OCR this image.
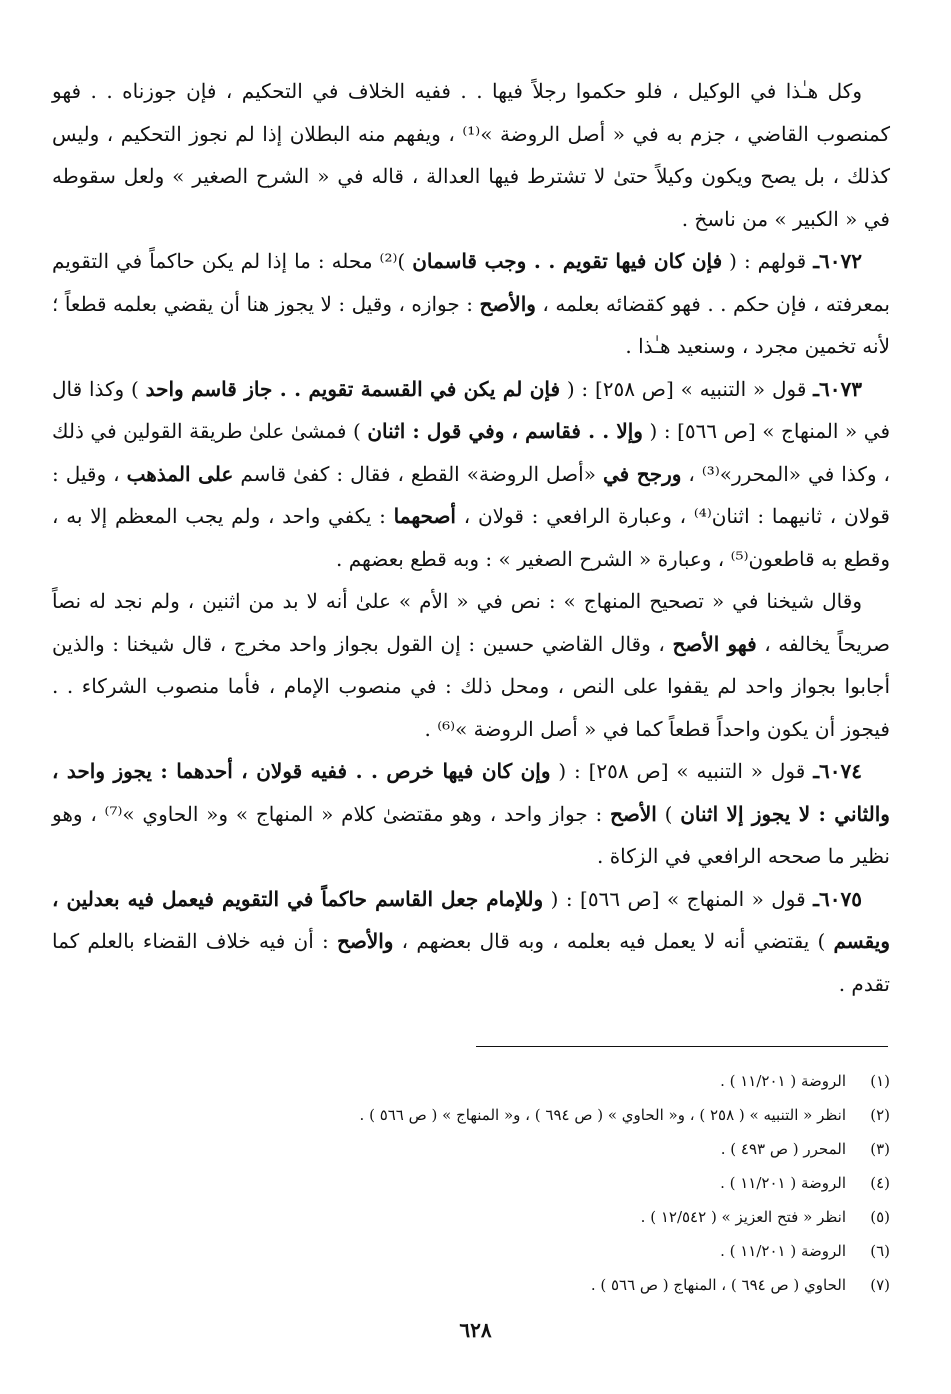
وكل هـٰذا في الوكيل ، فلو حكموا رجلاً فيها . . ففيه الخلاف في التحكيم ، فإن جوزناه . . فهو كمنصوب القاضي ، جزم به في « أصل الروضة »⁽¹⁾ ، ويفهم منه البطلان إذا لم نجوز التحكيم ، وليس كذلك ، بل يصح ويكون وكيلاً حتىٰ لا تشترط فيها العدالة ، قاله في « الشرح الصغير » ولعل سقوطه في « الكبير » من ناسخ .

٦٠٧٢ـ قولهم : ( فإن كان فيها تقويم . . وجب قاسمان )⁽²⁾ محله : ما إذا لم يكن حاكماً في التقويم بمعرفته ، فإن حكم . . فهو كقضائه بعلمه ، والأصح : جوازه ، وقيل : لا يجوز هنا أن يقضي بعلمه قطعاً ؛ لأنه تخمين مجرد ، وسنعيد هـٰذا .

٦٠٧٣ـ قول « التنبيه » [ص ٢٥٨] : ( فإن لم يكن في القسمة تقويم . . جاز قاسم واحد ) وكذا قال في « المنهاج » [ص ٥٦٦] : ( وإلا . . فقاسم ، وفي قول : اثنان ) فمشىٰ علىٰ طريقة القولين في ذلك ، وكذا في «المحرر»⁽³⁾ ، ورجح في «أصل الروضة» القطع ، فقال : كفىٰ قاسم على المذهب ، وقيل : قولان ، ثانيهما : اثنان⁽⁴⁾ ، وعبارة الرافعي : قولان ، أصحهما : يكفي واحد ، ولم يجب المعظم إلا به ، وقطع به قاطعون⁽⁵⁾ ، وعبارة « الشرح الصغير » : وبه قطع بعضهم .

وقال شيخنا في « تصحيح المنهاج » : نص في « الأم » علىٰ أنه لا بد من اثنين ، ولم نجد له نصاً صريحاً يخالفه ، فهو الأصح ، وقال القاضي حسين : إن القول بجواز واحد مخرج ، قال شيخنا : والذين أجابوا بجواز واحد لم يقفوا على النص ، ومحل ذلك : في منصوب الإمام ، فأما منصوب الشركاء . . فيجوز أن يكون واحداً قطعاً كما في « أصل الروضة »⁽⁶⁾ .

٦٠٧٤ـ قول « التنبيه » [ص ٢٥٨] : ( وإن كان فيها خرص . . ففيه قولان ، أحدهما : يجوز واحد ، والثاني : لا يجوز إلا اثنان ) الأصح : جواز واحد ، وهو مقتضىٰ كلام « المنهاج » و« الحاوي »⁽⁷⁾ ، وهو نظير ما صححه الرافعي في الزكاة .

٦٠٧٥ـ قول « المنهاج » [ص ٥٦٦] : ( وللإمام جعل القاسم حاكماً في التقويم فيعمل فيه بعدلين ، ويقسم ) يقتضي أنه لا يعمل فيه بعلمه ، وبه قال بعضهم ، والأصح : أن فيه خلاف القضاء بالعلم كما تقدم .

(١)
الروضة ( ١١/٢٠١ ) .
(٢)
انظر « التنبيه » ( ٢٥٨ ) ، و« الحاوي » ( ص ٦٩٤ ) ، و« المنهاج » ( ص ٥٦٦ ) .
(٣)
المحرر ( ص ٤٩٣ ) .
(٤)
الروضة ( ١١/٢٠١ ) .
(٥)
انظر « فتح العزيز » ( ١٢/٥٤٢ ) .
(٦)
الروضة ( ١١/٢٠١ ) .
(٧)
الحاوي ( ص ٦٩٤ ) ، المنهاج ( ص ٥٦٦ ) .
٦٢٨
